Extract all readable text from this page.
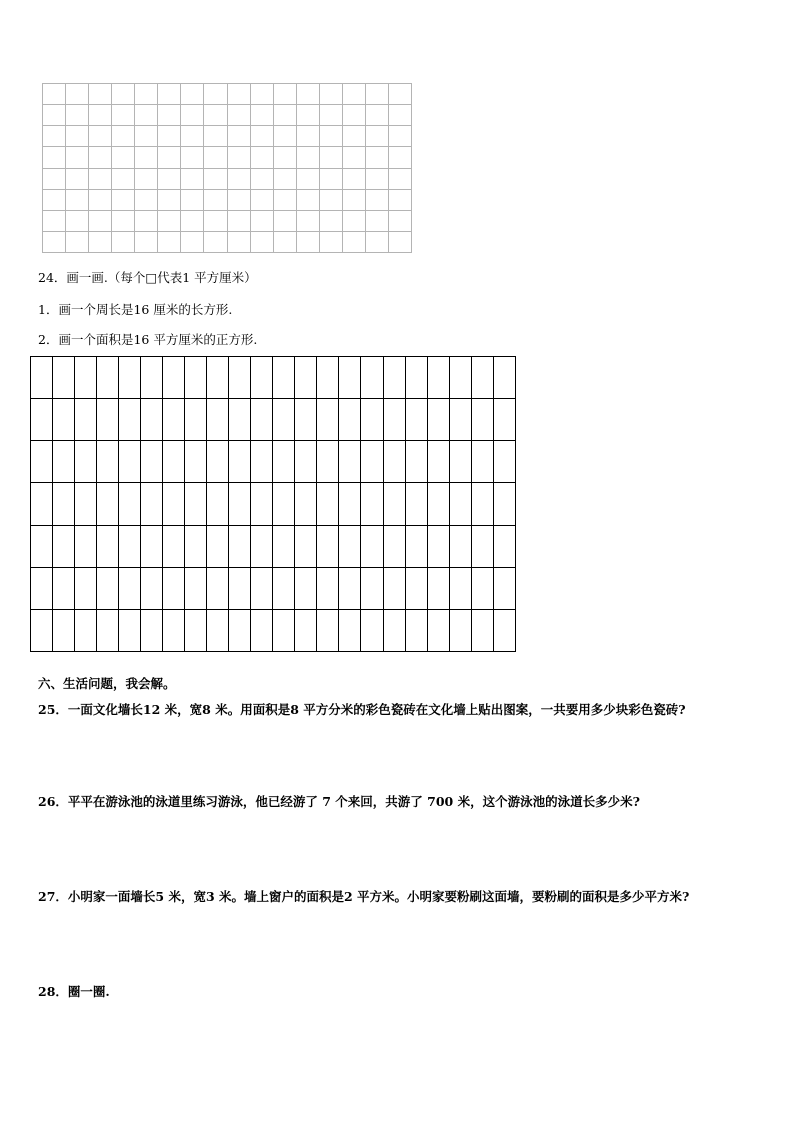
24．画一画.（每个□代表1 平方厘米）
1．画一个周长是16 厘米的长方形.
2．画一个面积是16 平方厘米的正方形.

六、生活问题，我会解。
25．一面文化墙长12 米，宽8 米。用面积是8 平方分米的彩色瓷砖在文化墙上贴出图案，一共要用多少块彩色瓷砖?
26．平平在游泳池的泳道里练习游泳，他已经游了 7 个来回，共游了 700 米，这个游泳池的泳道长多少米?
27．小明家一面墙长5 米，宽3 米。墙上窗户的面积是2 平方米。小明家要粉刷这面墙，要粉刷的面积是多少平方米?
28．圈一圈.
